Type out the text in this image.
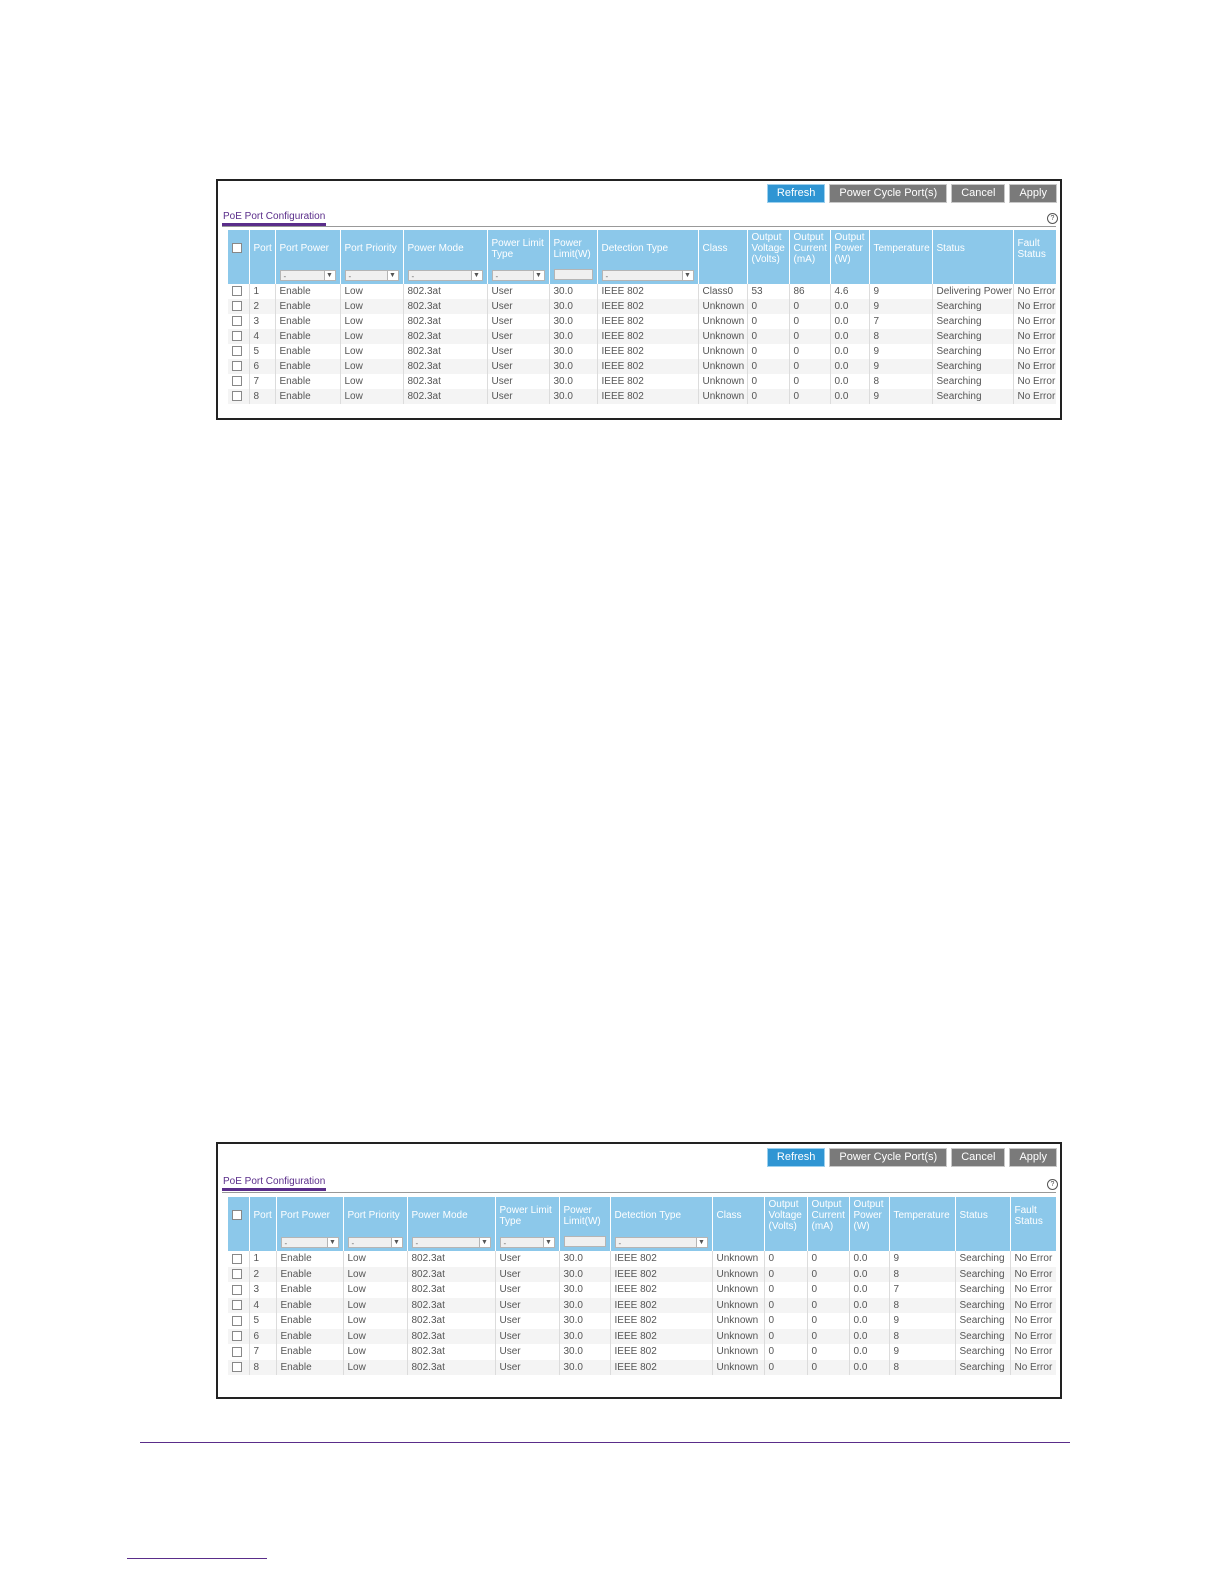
Refresh	Power Cycle Port(s)	Cancel	Apply
PoE Port Configuration	?
	Port	Port Power	Port Priority	Power Mode	Power Limit Type	Power Limit(W)	Detection Type	Class	Output Voltage (Volts)	Output Current (mA)	Output Power (W)	Temperature	Status	Fault Status
		- ▼	- ▼	- ▼	- ▼		- ▼							

	1	Enable	Low	802.3at	User	30.0	IEEE 802	Class0	53	86	4.6	9	Delivering Power	No Error
	2	Enable	Low	802.3at	User	30.0	IEEE 802	Unknown	0	0	0.0	9	Searching	No Error
	3	Enable	Low	802.3at	User	30.0	IEEE 802	Unknown	0	0	0.0	7	Searching	No Error
	4	Enable	Low	802.3at	User	30.0	IEEE 802	Unknown	0	0	0.0	8	Searching	No Error
	5	Enable	Low	802.3at	User	30.0	IEEE 802	Unknown	0	0	0.0	9	Searching	No Error
	6	Enable	Low	802.3at	User	30.0	IEEE 802	Unknown	0	0	0.0	9	Searching	No Error
	7	Enable	Low	802.3at	User	30.0	IEEE 802	Unknown	0	0	0.0	8	Searching	No Error
	8	Enable	Low	802.3at	User	30.0	IEEE 802	Unknown	0	0	0.0	9	Searching	No Error
Refresh	Power Cycle Port(s)	Cancel	Apply
PoE Port Configuration	?
	Port	Port Power	Port Priority	Power Mode	Power Limit Type	Power Limit(W)	Detection Type	Class	Output Voltage (Volts)	Output Current (mA)	Output Power (W)	Temperature	Status	Fault Status
		- ▼	- ▼	- ▼	- ▼		- ▼							

	1	Enable	Low	802.3at	User	30.0	IEEE 802	Unknown	0	0	0.0	9	Searching	No Error
	2	Enable	Low	802.3at	User	30.0	IEEE 802	Unknown	0	0	0.0	8	Searching	No Error
	3	Enable	Low	802.3at	User	30.0	IEEE 802	Unknown	0	0	0.0	7	Searching	No Error
	4	Enable	Low	802.3at	User	30.0	IEEE 802	Unknown	0	0	0.0	8	Searching	No Error
	5	Enable	Low	802.3at	User	30.0	IEEE 802	Unknown	0	0	0.0	9	Searching	No Error
	6	Enable	Low	802.3at	User	30.0	IEEE 802	Unknown	0	0	0.0	8	Searching	No Error
	7	Enable	Low	802.3at	User	30.0	IEEE 802	Unknown	0	0	0.0	9	Searching	No Error
	8	Enable	Low	802.3at	User	30.0	IEEE 802	Unknown	0	0	0.0	8	Searching	No Error
